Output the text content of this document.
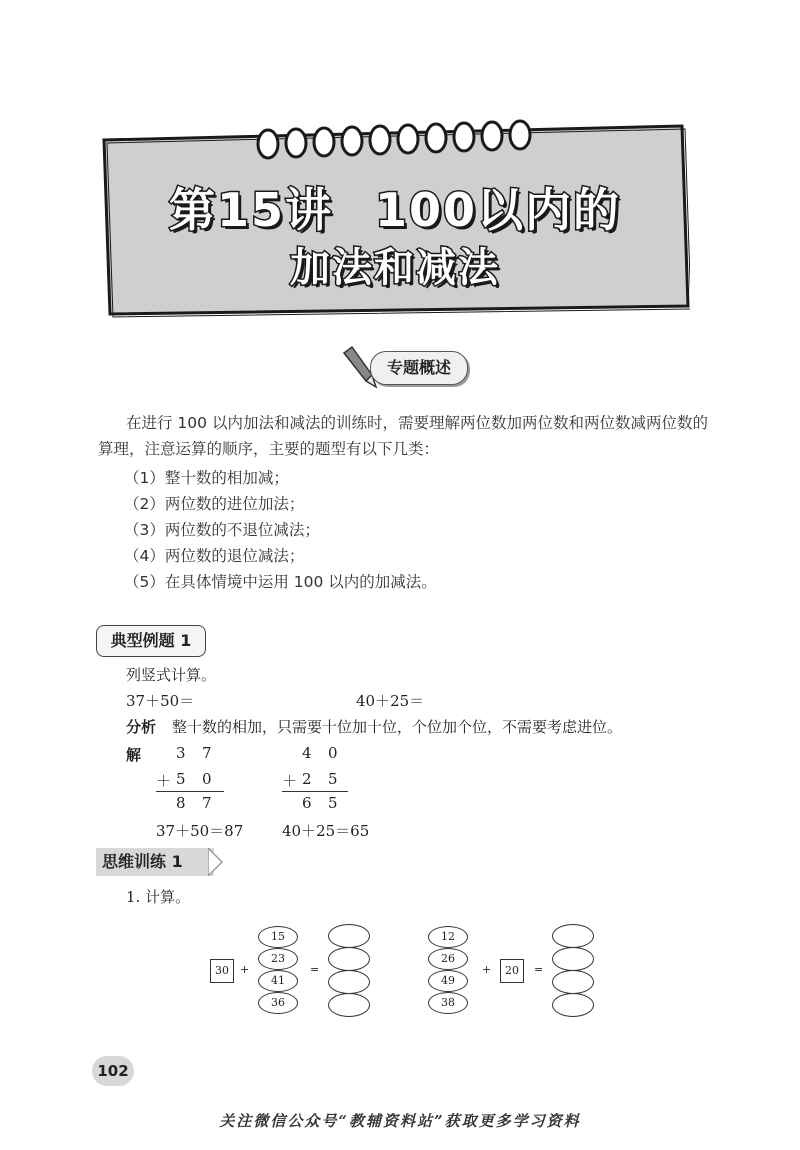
第15讲 100以内的
加法和减法
专题概述
在进行 100 以内加法和减法的训练时，需要理解两位数加两位数和两位数减两位数的算理，注意运算的顺序，主要的题型有以下几类：
（1）整十数的相加减；
（2）两位数的进位加法；
（3）两位数的不退位减法；
（4）两位数的退位减法；
（5）在具体情境中运用 100 以内的加减法。
典型例题 1
列竖式计算。
37＋50＝	40＋25＝
分析 整十数的相加，只需要十位加十位，个位加个位，不需要考虑进位。
解 3 7
＋ 5 0
8 7
4 0
＋ 2 5
6 5
37＋50＝87	40＋25＝65
思维训练 1
1. 计算。
30	+
15
23
41
36
=
12
26
49
38
+	20	=
102
关注微信公众号“教辅资料站”获取更多学习资料
